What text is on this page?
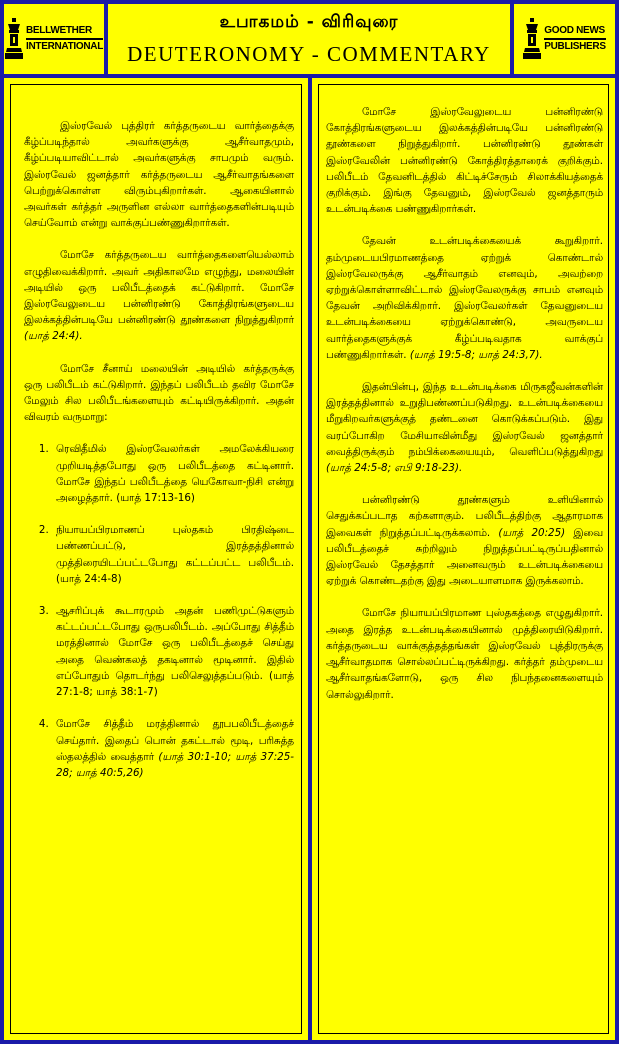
BELLWETHER
INTERNATIONAL
உபாகமம் - விரிவுரை
DEUTERONOMY - COMMENTARY
GOOD NEWS
PUBLISHERS

இஸ்ரவேல் புத்திரர் கர்த்தருடைய வார்த்தைக்கு கீழ்ப்படிந்தால் அவர்களுக்கு ஆசீர்வாதமும், கீழ்ப்படியாவிட்டால் அவர்களுக்கு சாபமும் வரும். இஸ்ரவேல் ஜனத்தார் கர்த்தருடைய ஆசீர்வாதங்களை பெற்றுக்கொள்ள விரும்புகிறார்கள். ஆகையினால் அவர்கள் கர்த்தர் அருளின எல்லா வார்த்தைகளின்படியும் செய்வோம் என்று வாக்குப்பண்ணுகிறார்கள்.

மோசே கர்த்தருடைய வார்த்தைகளையெல்லாம் எழுதிவைக்கிறார். அவர் அதிகாலமே எழுந்து, மலையின் அடியில் ஒரு பலிபீடத்தைக் கட்டுகிறார். மோசே இஸ்ரவேலுடைய பன்னிரண்டு கோத்திரங்களுடைய இலக்கத்தின்படியே பன்னிரண்டு தூண்களை நிறுத்துகிறார் (யாத் 24:4).

மோசே சீனாய் மலையின் அடியில் கர்த்தருக்கு ஒரு பலிபீடம் கட்டுகிறார். இந்தப் பலிபீடம் தவிர மோசே மேலும் சில பலிபீடங்களையும் கட்டியிருக்கிறார். அதன் விவரம் வருமாறு:

1. ரெவிதீமில் இஸ்ரவேலர்கள் அமலேக்கியரை முறியடித்தபோது ஒரு பலிபீடத்தை கட்டினார். மோசே இந்தப் பலிபீடத்தை யெகோவா-நிசி என்று அழைத்தார். (யாத் 17:13-16)
2. நியாயப்பிரமாணப் புஸ்தகம் பிரதிஷ்டை பண்ணப்பட்டு, இரத்தத்தினால் முத்திரையிடப்பட்டபோது கட்டப்பட்ட பலிபீடம். (யாத் 24:4-8)
3. ஆசரிப்புக் கூடாரமும் அதன் பணிமுட்டுகளும் கட்டப்பட்டபோது ஒருபலிபீடம். அப்போது சித்தீம் மரத்தினால் மோசே ஒரு பலிபீடத்தைச் செய்து அதை வெண்கலத் தகடினால் மூடினார். இதில் எப்போதும் தொடர்ந்து பலிசெலுத்தப்படும். (யாத் 27:1-8; யாத் 38:1-7)
4. மோசே சித்தீம் மரத்தினால் தூபபலிபீடத்தைச் செய்தார். இதைப் பொன் தகட்டால் மூடி, பரிசுத்த ஸ்தலத்தில் வைத்தார் (யாத் 30:1-10; யாத் 37:25-28; யாத் 40:5,26)

மோசே இஸ்ரவேலுடைய பன்னிரண்டு கோத்திரங்களுடைய இலக்கத்தின்படியே பன்னிரண்டு தூண்களை நிறுத்துகிறார். பன்னிரண்டு தூண்கள் இஸ்ரவேலின் பன்னிரண்டு கோத்திரத்தாரைக் குறிக்கும். பலிபீடம் தேவனிடத்தில் கிட்டிச்சேரும் சிலாக்கியத்தைக் குறிக்கும். இங்கு தேவனும், இஸ்ரவேல் ஜனத்தாரும் உடன்படிக்கை பண்ணுகிறார்கள்.

தேவன் உடன்படிக்கையைக் கூறுகிறார். தம்முடையபிரமாணத்தை ஏற்றுக் கொண்டால் இஸ்ரவேலருக்கு ஆசீர்வாதம் எனவும், அவற்றை ஏற்றுக்கொள்ளாவிட்டால் இஸ்ரவேலருக்கு சாபம் எனவும் தேவன் அறிவிக்கிறார். இஸ்ரவேலர்கள் தேவனுடைய உடன்படிக்கையை ஏற்றுக்கொண்டு, அவருடைய வார்த்தைகளுக்குக் கீழ்ப்படிவதாக வாக்குப் பண்ணுகிறார்கள். (யாத் 19:5-8; யாத் 24:3,7).

இதன்பின்பு, இந்த உடன்படிக்கை மிருகஜீவன்களின் இரத்தத்தினால் உறுதிபண்ணப்படுகிறது. உடன்படிக்கையை மீறுகிறவர்களுக்குத் தண்டனை கொடுக்கப்படும். இது வரப்போகிற மேசியாவின்மீது இஸ்ரவேல் ஜனத்தார் வைத்திருக்கும் நம்பிக்கையையும், வெளிப்படுத்துகிறது (யாத் 24:5-8; எபி 9:18-23).

பன்னிரண்டு தூண்களும் உளியினால் செதுக்கப்படாத கற்களாகும். பலிபீடத்திற்கு ஆதாரமாக இவைகள் நிறுத்தப்பட்டிருக்கலாம். (யாத் 20:25) இவை பலிபீடத்தைச் சுற்றிலும் நிறுத்தப்பட்டிருப்பதினால் இஸ்ரவேல் தேசத்தார் அனைவரும் உடன்படிக்கையை ஏற்றுக் கொண்டதற்கு இது அடையாளமாக இருக்கலாம்.

மோசே நியாயப்பிரமாண புஸ்தகத்தை எழுதுகிறார். அதை இரத்த உடன்படிக்கையினால் முத்திரையிடுகிறார். கர்த்தருடைய வாக்குத்தத்தங்கள் இஸ்ரவேல் புத்திரருக்கு ஆசீர்வாதமாக சொல்லப்பட்டிருக்கிறது. கர்த்தர் தம்முடைய ஆசீர்வாதங்களோடு, ஒரு சில நிபந்தனைகளையும் சொல்லுகிறார்.
